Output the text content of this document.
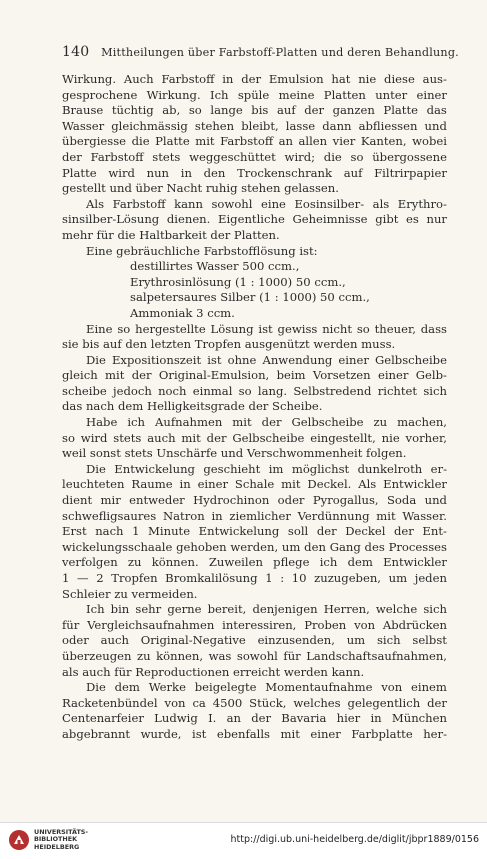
140 Mittheilungen über Farbstoff-Platten und deren Behandlung.
Wirkung. Auch Farbstoff in der Emulsion hat nie diese aus-
gesprochene Wirkung. Ich spüle meine Platten unter einer
Brause tüchtig ab, so lange bis auf der ganzen Platte das
Wasser gleichmässig stehen bleibt, lasse dann abfliessen und
übergiesse die Platte mit Farbstoff an allen vier Kanten, wobei
der Farbstoff stets weggeschüttet wird; die so übergossene
Platte wird nun in den Trockenschrank auf Filtrirpapier
gestellt und über Nacht ruhig stehen gelassen.
Als Farbstoff kann sowohl eine Eosinsilber- als Erythro-
sinsilber-Lösung dienen. Eigentliche Geheimnisse gibt es nur
mehr für die Haltbarkeit der Platten.
Eine gebräuchliche Farbstofflösung ist:
destillirtes Wasser 500 ccm.,
Erythrosinlösung (1 : 1000) 50 ccm.,
salpetersaures Silber (1 : 1000) 50 ccm.,
Ammoniak 3 ccm.
Eine so hergestellte Lösung ist gewiss nicht so theuer, dass
sie bis auf den letzten Tropfen ausgenützt werden muss.
Die Expositionszeit ist ohne Anwendung einer Gelbscheibe
gleich mit der Original-Emulsion, beim Vorsetzen einer Gelb-
scheibe jedoch noch einmal so lang. Selbstredend richtet sich
das nach dem Helligkeitsgrade der Scheibe.
Habe ich Aufnahmen mit der Gelbscheibe zu machen,
so wird stets auch mit der Gelbscheibe eingestellt, nie vorher,
weil sonst stets Unschärfe und Verschwommenheit folgen.
Die Entwickelung geschieht im möglichst dunkelroth er-
leuchteten Raume in einer Schale mit Deckel. Als Entwickler
dient mir entweder Hydrochinon oder Pyrogallus, Soda und
schwefligsaures Natron in ziemlicher Verdünnung mit Wasser.
Erst nach 1 Minute Entwickelung soll der Deckel der Ent-
wickelungsschaale gehoben werden, um den Gang des Processes
verfolgen zu können. Zuweilen pflege ich dem Entwickler
1 — 2 Tropfen Bromkalilösung 1 : 10 zuzugeben, um jeden
Schleier zu vermeiden.
Ich bin sehr gerne bereit, denjenigen Herren, welche sich
für Vergleichsaufnahmen interessiren, Proben von Abdrücken
oder auch Original-Negative einzusenden, um sich selbst
überzeugen zu können, was sowohl für Landschaftsaufnahmen,
als auch für Reproductionen erreicht werden kann.
Die dem Werke beigelegte Momentaufnahme von einem
Racketenbündel von ca 4500 Stück, welches gelegentlich der
Centenarfeier Ludwig I. an der Bavaria hier in München
abgebrannt wurde, ist ebenfalls mit einer Farbplatte her-
UNIVERSITÄTS-
BIBLIOTHEK
HEIDELBERG
http://digi.ub.uni-heidelberg.de/diglit/jbpr1889/0156
